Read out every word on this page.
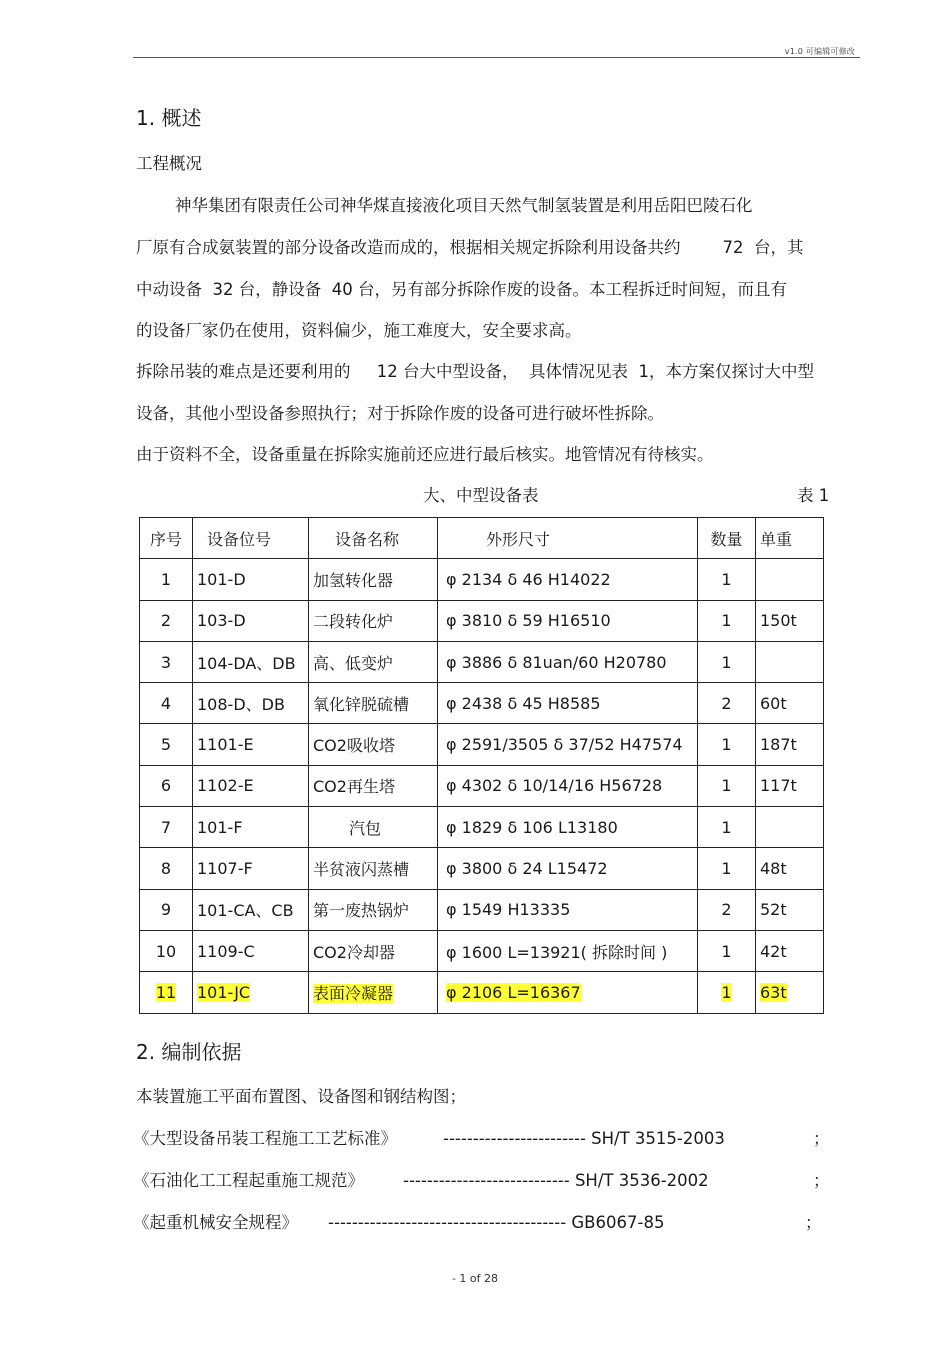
v1.0 可编辑可修改
1. 概述
工程概况
神华集团有限责任公司神华煤直接液化项目天然气制氢装置是利用岳阳巴陵石化
厂原有合成氨装置的部分设备改造而成的，根据相关规定拆除利用设备共约        72  台，其
中动设备  32 台，静设备  40 台，另有部分拆除作废的设备。本工程拆迁时间短，而且有
的设备厂家仍在使用，资料偏少，施工难度大，安全要求高。
拆除吊装的难点是还要利用的     12 台大中型设备，  具体情况见表  1，本方案仅探讨大中型
设备，其他小型设备参照执行；对于拆除作废的设备可进行破坏性拆除。
由于资料不全，设备重量在拆除实施前还应进行最后核实。地管情况有待核实。
大、中型设备表	表 1
序号	设备位号	设备名称	外形尺寸	数量	单重
1	101-D	加氢转化器	φ 2134 δ 46 H14022	1	
2	103-D	二段转化炉	φ 3810 δ 59 H16510	1	150t
3	104-DA、DB	高、低变炉	φ 3886 δ 81uan/60 H20780	1	
4	108-D、DB	氧化锌脱硫槽	φ 2438 δ 45 H8585	2	60t
5	1101-E	CO2吸收塔	φ 2591/3505 δ 37/52 H47574	1	187t
6	1102-E	CO2再生塔	φ 4302 δ 10/14/16 H56728	1	117t
7	101-F	汽包	φ 1829 δ 106 L13180	1	
8	1107-F	半贫液闪蒸槽	φ 3800 δ 24 L15472	1	48t
9	101-CA、CB	第一废热锅炉	φ 1549 H13335	2	52t
10	1109-C	CO2冷却器	φ 1600 L=13921( 拆除时间 )	1	42t
11	101-JC	表面冷凝器	φ 2106 L=16367	1	63t
2. 编制依据
本装置施工平面布置图、设备图和钢结构图；
《大型设备吊装工程施工工艺标准》	------------------------ SH/T 3515-2003	；
《石油化工工程起重施工规范》 ---------------------------- SH/T 3536-2002	；
《起重机械安全规程》 ---------------------------------------- GB6067-85	；
- 1 of 28
